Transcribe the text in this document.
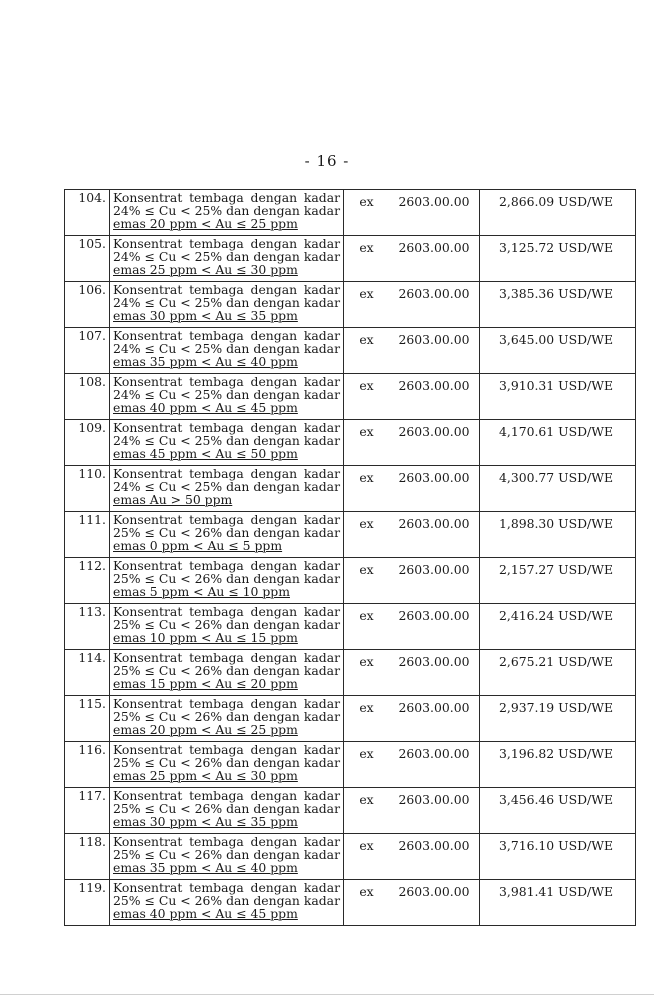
- 16 -
104.	Konsentrat tembaga dengan kadar
24% ≤ Cu < 25% dan dengan kadar
emas 20 ppm < Au ≤ 25 ppm	ex	2603.00.00	2,866.09 USD/WE

105.	Konsentrat tembaga dengan kadar
24% ≤ Cu < 25% dan dengan kadar
emas 25 ppm < Au ≤ 30 ppm	ex	2603.00.00	3,125.72 USD/WE

106.	Konsentrat tembaga dengan kadar
24% ≤ Cu < 25% dan dengan kadar
emas 30 ppm < Au ≤ 35 ppm	ex	2603.00.00	3,385.36 USD/WE

107.	Konsentrat tembaga dengan kadar
24% ≤ Cu < 25% dan dengan kadar
emas 35 ppm < Au ≤ 40 ppm	ex	2603.00.00	3,645.00 USD/WE

108.	Konsentrat tembaga dengan kadar
24% ≤ Cu < 25% dan dengan kadar
emas 40 ppm < Au ≤ 45 ppm	ex	2603.00.00	3,910.31 USD/WE

109.	Konsentrat tembaga dengan kadar
24% ≤ Cu < 25% dan dengan kadar
emas 45 ppm < Au ≤ 50 ppm	ex	2603.00.00	4,170.61 USD/WE

110.	Konsentrat tembaga dengan kadar
24% ≤ Cu < 25% dan dengan kadar
emas Au > 50 ppm	ex	2603.00.00	4,300.77 USD/WE

111.	Konsentrat tembaga dengan kadar
25% ≤ Cu < 26% dan dengan kadar
emas 0 ppm < Au ≤ 5 ppm	ex	2603.00.00	1,898.30 USD/WE

112.	Konsentrat tembaga dengan kadar
25% ≤ Cu < 26% dan dengan kadar
emas 5 ppm < Au ≤ 10 ppm	ex	2603.00.00	2,157.27 USD/WE

113.	Konsentrat tembaga dengan kadar
25% ≤ Cu < 26% dan dengan kadar
emas 10 ppm < Au ≤ 15 ppm	ex	2603.00.00	2,416.24 USD/WE

114.	Konsentrat tembaga dengan kadar
25% ≤ Cu < 26% dan dengan kadar
emas 15 ppm < Au ≤ 20 ppm	ex	2603.00.00	2,675.21 USD/WE

115.	Konsentrat tembaga dengan kadar
25% ≤ Cu < 26% dan dengan kadar
emas 20 ppm < Au ≤ 25 ppm	ex	2603.00.00	2,937.19 USD/WE

116.	Konsentrat tembaga dengan kadar
25% ≤ Cu < 26% dan dengan kadar
emas 25 ppm < Au ≤ 30 ppm	ex	2603.00.00	3,196.82 USD/WE

117.	Konsentrat tembaga dengan kadar
25% ≤ Cu < 26% dan dengan kadar
emas 30 ppm < Au ≤ 35 ppm	ex	2603.00.00	3,456.46 USD/WE

118.	Konsentrat tembaga dengan kadar
25% ≤ Cu < 26% dan dengan kadar
emas 35 ppm < Au ≤ 40 ppm	ex	2603.00.00	3,716.10 USD/WE

119.	Konsentrat tembaga dengan kadar
25% ≤ Cu < 26% dan dengan kadar
emas 40 ppm < Au ≤ 45 ppm	ex	2603.00.00	3,981.41 USD/WE
